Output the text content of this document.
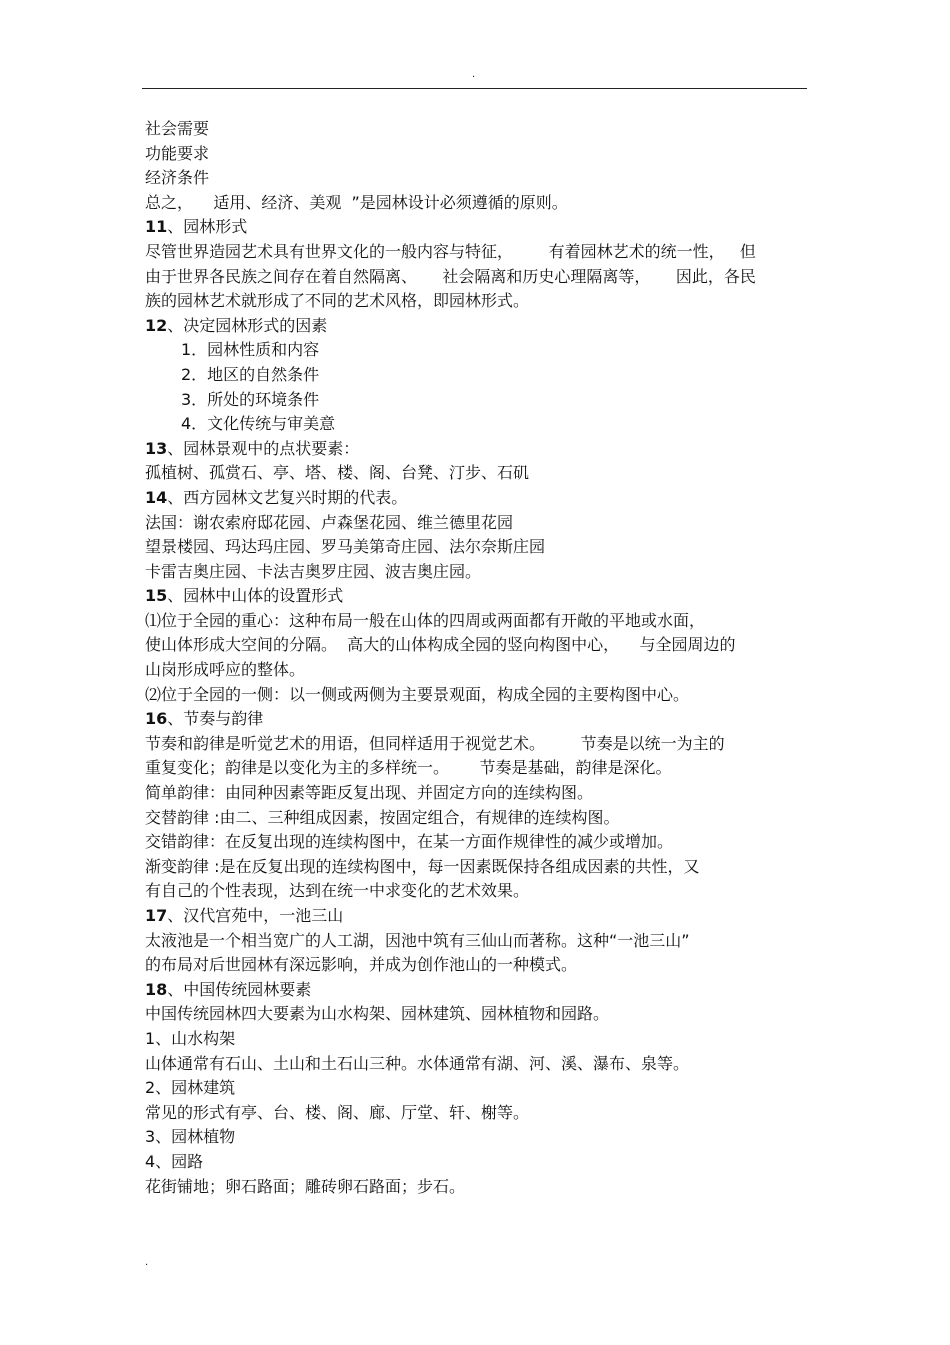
.
社会需要
功能要求
经济条件
总之，    适用、经济、美观  ”是园林设计必须遵循的原则。
11、园林形式
尽管世界造园艺术具有世界文化的一般内容与特征，       有着园林艺术的统一性，   但
由于世界各民族之间存在着自然隔离、     社会隔离和历史心理隔离等，     因此，各民
族的园林艺术就形成了不同的艺术风格，即园林形式。
12、决定园林形式的因素
1．园林性质和内容
2．地区的自然条件
3．所处的环境条件
4．文化传统与审美意
13、园林景观中的点状要素：
孤植树、孤赏石、亭、塔、楼、阁、台凳、汀步、石矶
14、西方园林文艺复兴时期的代表。
法国：谢农索府邸花园、卢森堡花园、维兰德里花园
望景楼园、玛达玛庄园、罗马美第奇庄园、法尔奈斯庄园
卡雷吉奥庄园、卡法吉奥罗庄园、波吉奥庄园。
15、园林中山体的设置形式
⑴位于全园的重心：这种布局一般在山体的四周或两面都有开敞的平地或水面，
使山体形成大空间的分隔。  高大的山体构成全园的竖向构图中心，    与全园周边的
山岗形成呼应的整体。
⑵位于全园的一侧：以一侧或两侧为主要景观面，构成全园的主要构图中心。
16、节奏与韵律
节奏和韵律是听觉艺术的用语，但同样适用于视觉艺术。       节奏是以统一为主的
重复变化；韵律是以变化为主的多样统一。      节奏是基础，韵律是深化。
简单韵律：由同种因素等距反复出现、并固定方向的连续构图。
交替韵律 :由二、三种组成因素，按固定组合，有规律的连续构图。
交错韵律：在反复出现的连续构图中，在某一方面作规律性的减少或增加。
渐变韵律 :是在反复出现的连续构图中，每一因素既保持各组成因素的共性，又
有自己的个性表现，达到在统一中求变化的艺术效果。
17、汉代宫苑中，一池三山
太液池是一个相当宽广的人工湖，因池中筑有三仙山而著称。这种“一池三山”
的布局对后世园林有深远影响，并成为创作池山的一种模式。
18、中国传统园林要素
中国传统园林四大要素为山水构架、园林建筑、园林植物和园路。
1、山水构架
山体通常有石山、土山和土石山三种。水体通常有湖、河、溪、瀑布、泉等。
2、园林建筑
常见的形式有亭、台、楼、阁、廊、厅堂、轩、榭等。
3、园林植物
4、园路
花街铺地；卵石路面；雕砖卵石路面；步石。
.
